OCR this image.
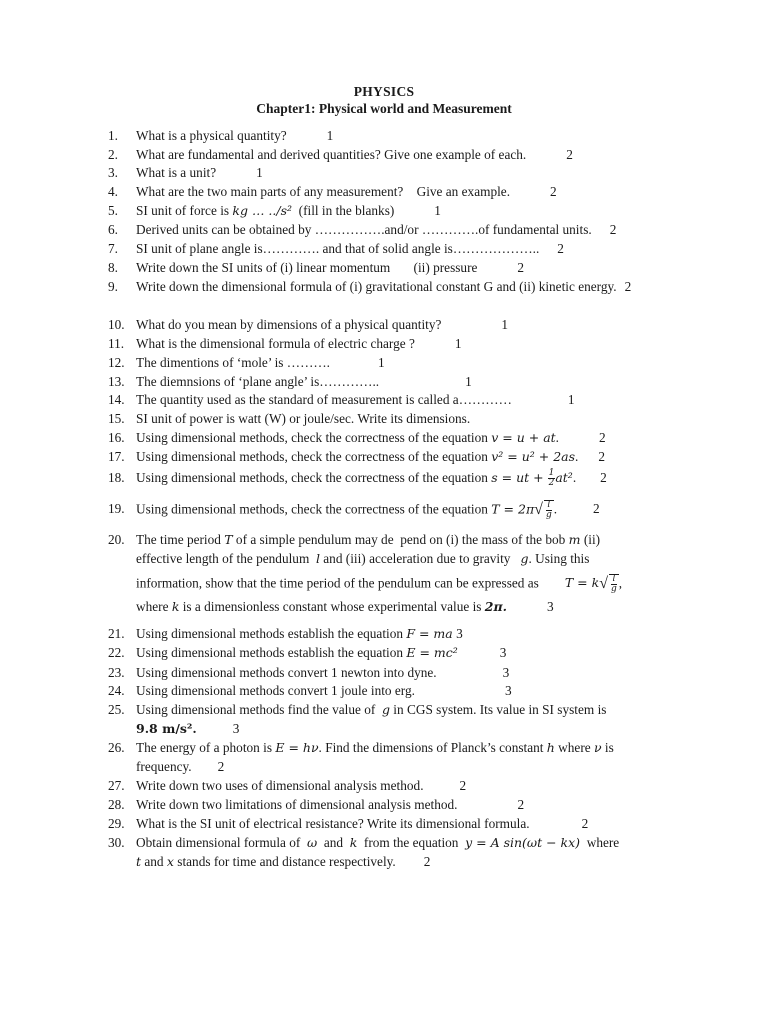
PHYSICS
Chapter1: Physical world and Measurement
1.	What is a physical quantity?	1
2.	What are fundamental and derived quantities? Give one example of each.	2
3.	What is a unit?	1
4.	What are the two main parts of any measurement?    Give an example.	2
5.	SI unit of force is kg … ../s²  (fill in the blanks)	1
6.	Derived units can be obtained by …………….and/or ………….of fundamental units. 2
7.	SI unit of plane angle is…………. and that of solid angle is……………….. 2
8.	Write down the SI units of (i) linear momentum       (ii) pressure	2
9.	Write down the dimensional formula of (i) gravitational constant G and (ii) kinetic energy. 2
10. What do you mean by dimensions of a physical quantity?	1
11. What is the dimensional formula of electric charge ?	1
12. The dimentions of ‘mole’ is ……….	1
13. The diemnsions of ‘plane angle’ is…………..	1
14. The quantity used as the standard of measurement is called a…………	1
15. SI unit of power is watt (W) or joule/sec. Write its dimensions.
16. Using dimensional methods, check the correctness of the equation v = u + at.	2
17. Using dimensional methods, check the correctness of the equation v² = u² + 2as. 2
18. Using dimensional methods, check the correctness of the equation s = ut + $\frac{1}{2} at^2$. 2
19. Using dimensional methods, check the correctness of the equation $T = 2\pi√ \frac{l}{g}$ .	2
20. The time period T of a simple pendulum may de  pend on (i) the mass of the bob m (ii)
effective length of the pendulum  l and (iii) acceleration due to gravity   g. Using this
information, show that the time period of the pendulum can be expressed as $T = k√ \frac{l}{g}$ ,
where k is a dimensionless constant whose experimental value is 2π.	3
21. Using dimensional methods establish the equation F = ma 3
22. Using dimensional methods establish the equation E = mc²	3
23. Using dimensional methods convert 1 newton into dyne.	3
24. Using dimensional methods convert 1 joule into erg.	3
25. Using dimensional methods find the value of  g in CGS system. Its value in SI system is
9.8 m/s².	3
26. The energy of a photon is E = hν. Find the dimensions of Planck’s constant h where ν is
frequency. 2
27. Write down two uses of dimensional analysis method.	2
28. Write down two limitations of dimensional analysis method.	2
29. What is the SI unit of electrical resistance? Write its dimensional formula.	2
30. Obtain dimensional formula of  ω  and  k  from the equation  y = A sin(ωt − kx)  where
t and x stands for time and distance respectively. 2
